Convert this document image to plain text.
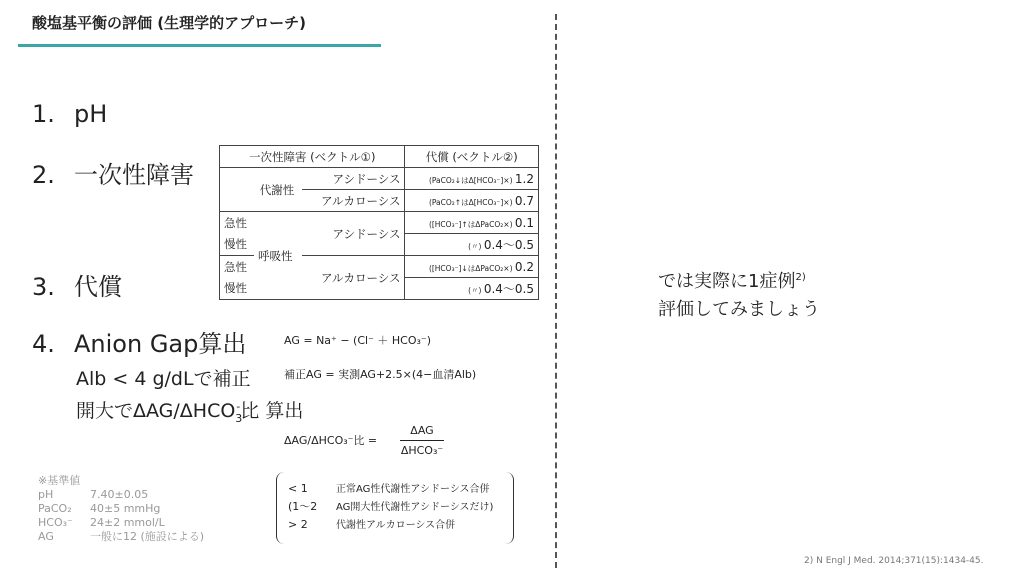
酸塩基平衡の評価 (生理学的アプローチ)
1. pH
2. 一次性障害
3. 代償
4. Anion Gap算出
Alb < 4 g/dLで補正
開大でΔAG/$\Delta HCO_3^-$比 算出
AG = Na⁺ − (Cl⁻ ＋ HCO₃⁻)
補正AG = 実測AG+2.5×(4−血清Alb)
ΔAG/ΔHCO₃⁻比 =
ΔAG
ΔHCO₃⁻
一次性障害 (ベクトル①)			代償 (ベクトル②)
代謝性		アシドーシス	(PaCO₂↓はΔ[HCO₃⁻]×) 1.2
		アルカローシス	(PaCO₂↑はΔ[HCO₃⁻]×) 0.7
急性	呼吸性	アシドーシス	([HCO₃⁻]↑はΔPaCO₂×) 0.1
慢性			(〃) 0.4〜0.5
急性		アルカローシス	([HCO₃⁻]↓はΔPaCO₂×) 0.2
慢性			(〃) 0.4〜0.5
※基準値
pH	7.40±0.05
PaCO₂ 40±5 mmHg
HCO₃⁻ 24±2 mmol/L
AG	一般に12 (施設による)
< 1	正常AG性代謝性アシドーシス合併
(1〜2 AG開大性代謝性アシドーシスだけ)
> 2	代謝性アルカローシス合併
では実際に1症例$^{2)}$
評価してみましょう
2) N Engl J Med. 2014;371(15):1434-45.
